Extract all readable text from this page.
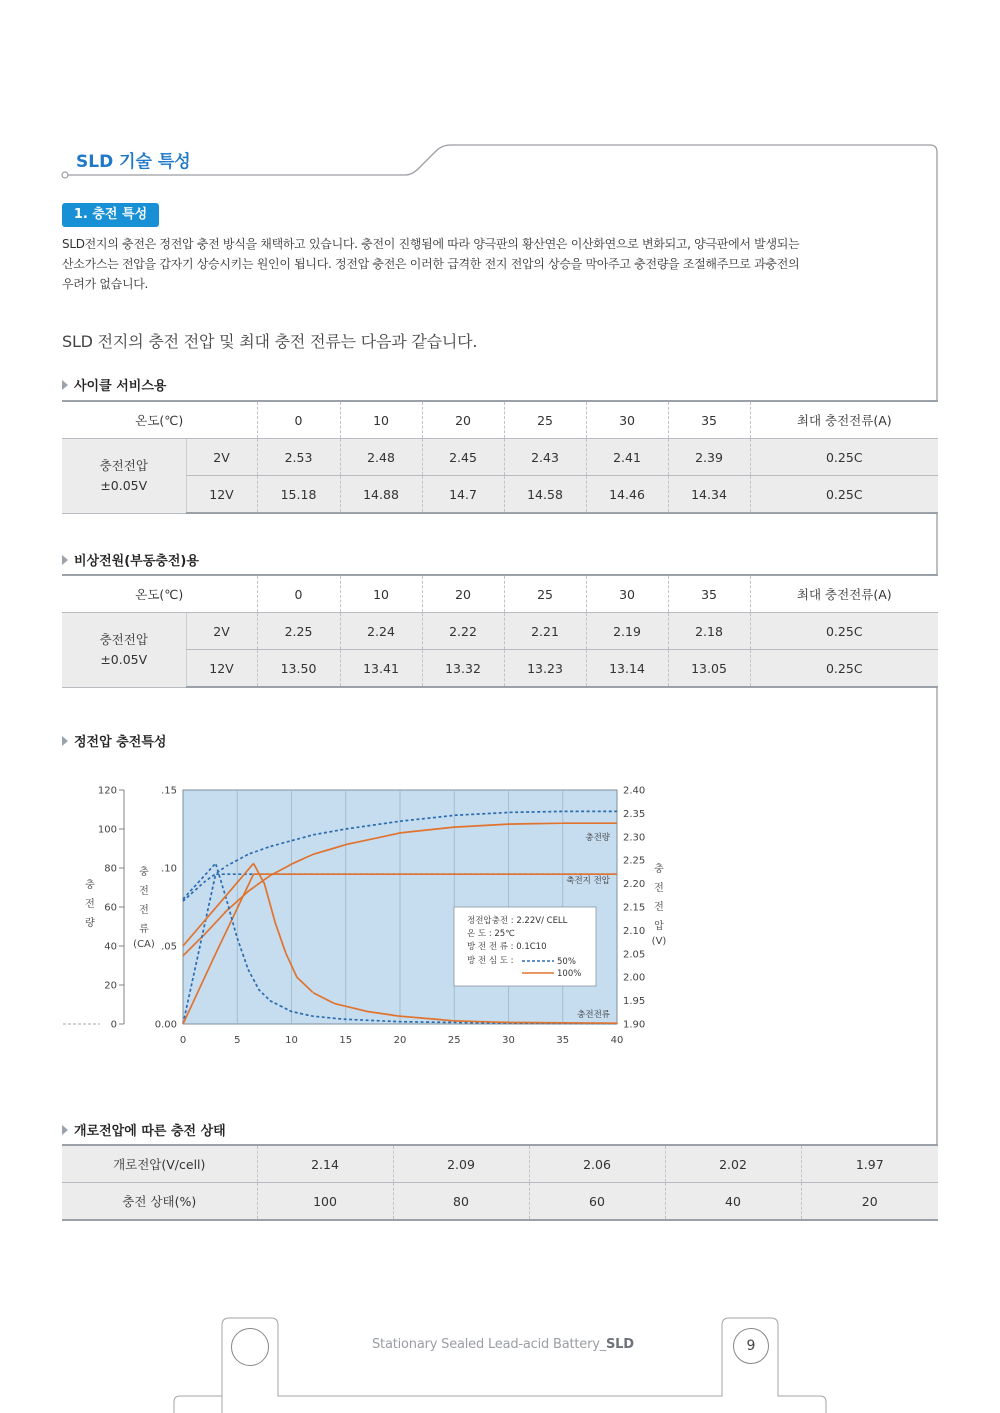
SLD 기술 특성
1. 충전 특성

SLD전지의 충전은 정전압 충전 방식을 채택하고 있습니다. 충전이 진행됨에 따라 양극판의 황산연은 이산화연으로 변화되고, 양극판에서 발생되는

산소가스는 전압을 갑자기 상승시키는 원인이 됩니다. 정전압 충전은 이러한 급격한 전지 전압의 상승을 막아주고 충전량을 조절해주므로 과충전의

우려가 없습니다.

SLD 전지의 충전 전압 및 최대 충전 전류는 다음과 같습니다.
사이클 서비스용
온도(℃)		0	10	20	25	30	35	최대 충전전류(A)

충전전압
±0.05V	2V	2.53	2.48	2.45	2.43	2.41	2.39	0.25C
	12V	15.18	14.88	14.7	14.58	14.46	14.34	0.25C
비상전원(부동충전)용
온도(℃)		0	10	20	25	30	35	최대 충전전류(A)

충전전압
±0.05V	2V	2.25	2.24	2.22	2.21	2.19	2.18	0.25C
	12V	13.50	13.41	13.32	13.23	13.14	13.05	0.25C
정전압 충전특성
0	5	10	15	20	25	30	35	40
120
100
80
60
40
20
0
.15
.10
.05
0.00
2.40
2.35
2.30
2.25
2.20
2.15
2.10
2.05
2.00
1.95
1.90
충
전
량
충
전
전
류
(CA)
충
전
전
압
(V)
충전량
축전지 전압
충전전류
정전압충전 : 2.22V/ CELL
온 도 : 25℃
방 전 전 류 : 0.1C10
방 전 심 도 :	50%
100%
개로전압에 따른 충전 상태
개로전압(V/cell)	2.14	2.09	2.06	2.02	1.97
충전 상태(%)	100	80	60	40	20
Stationary Sealed Lead-acid Battery_SLD	9
